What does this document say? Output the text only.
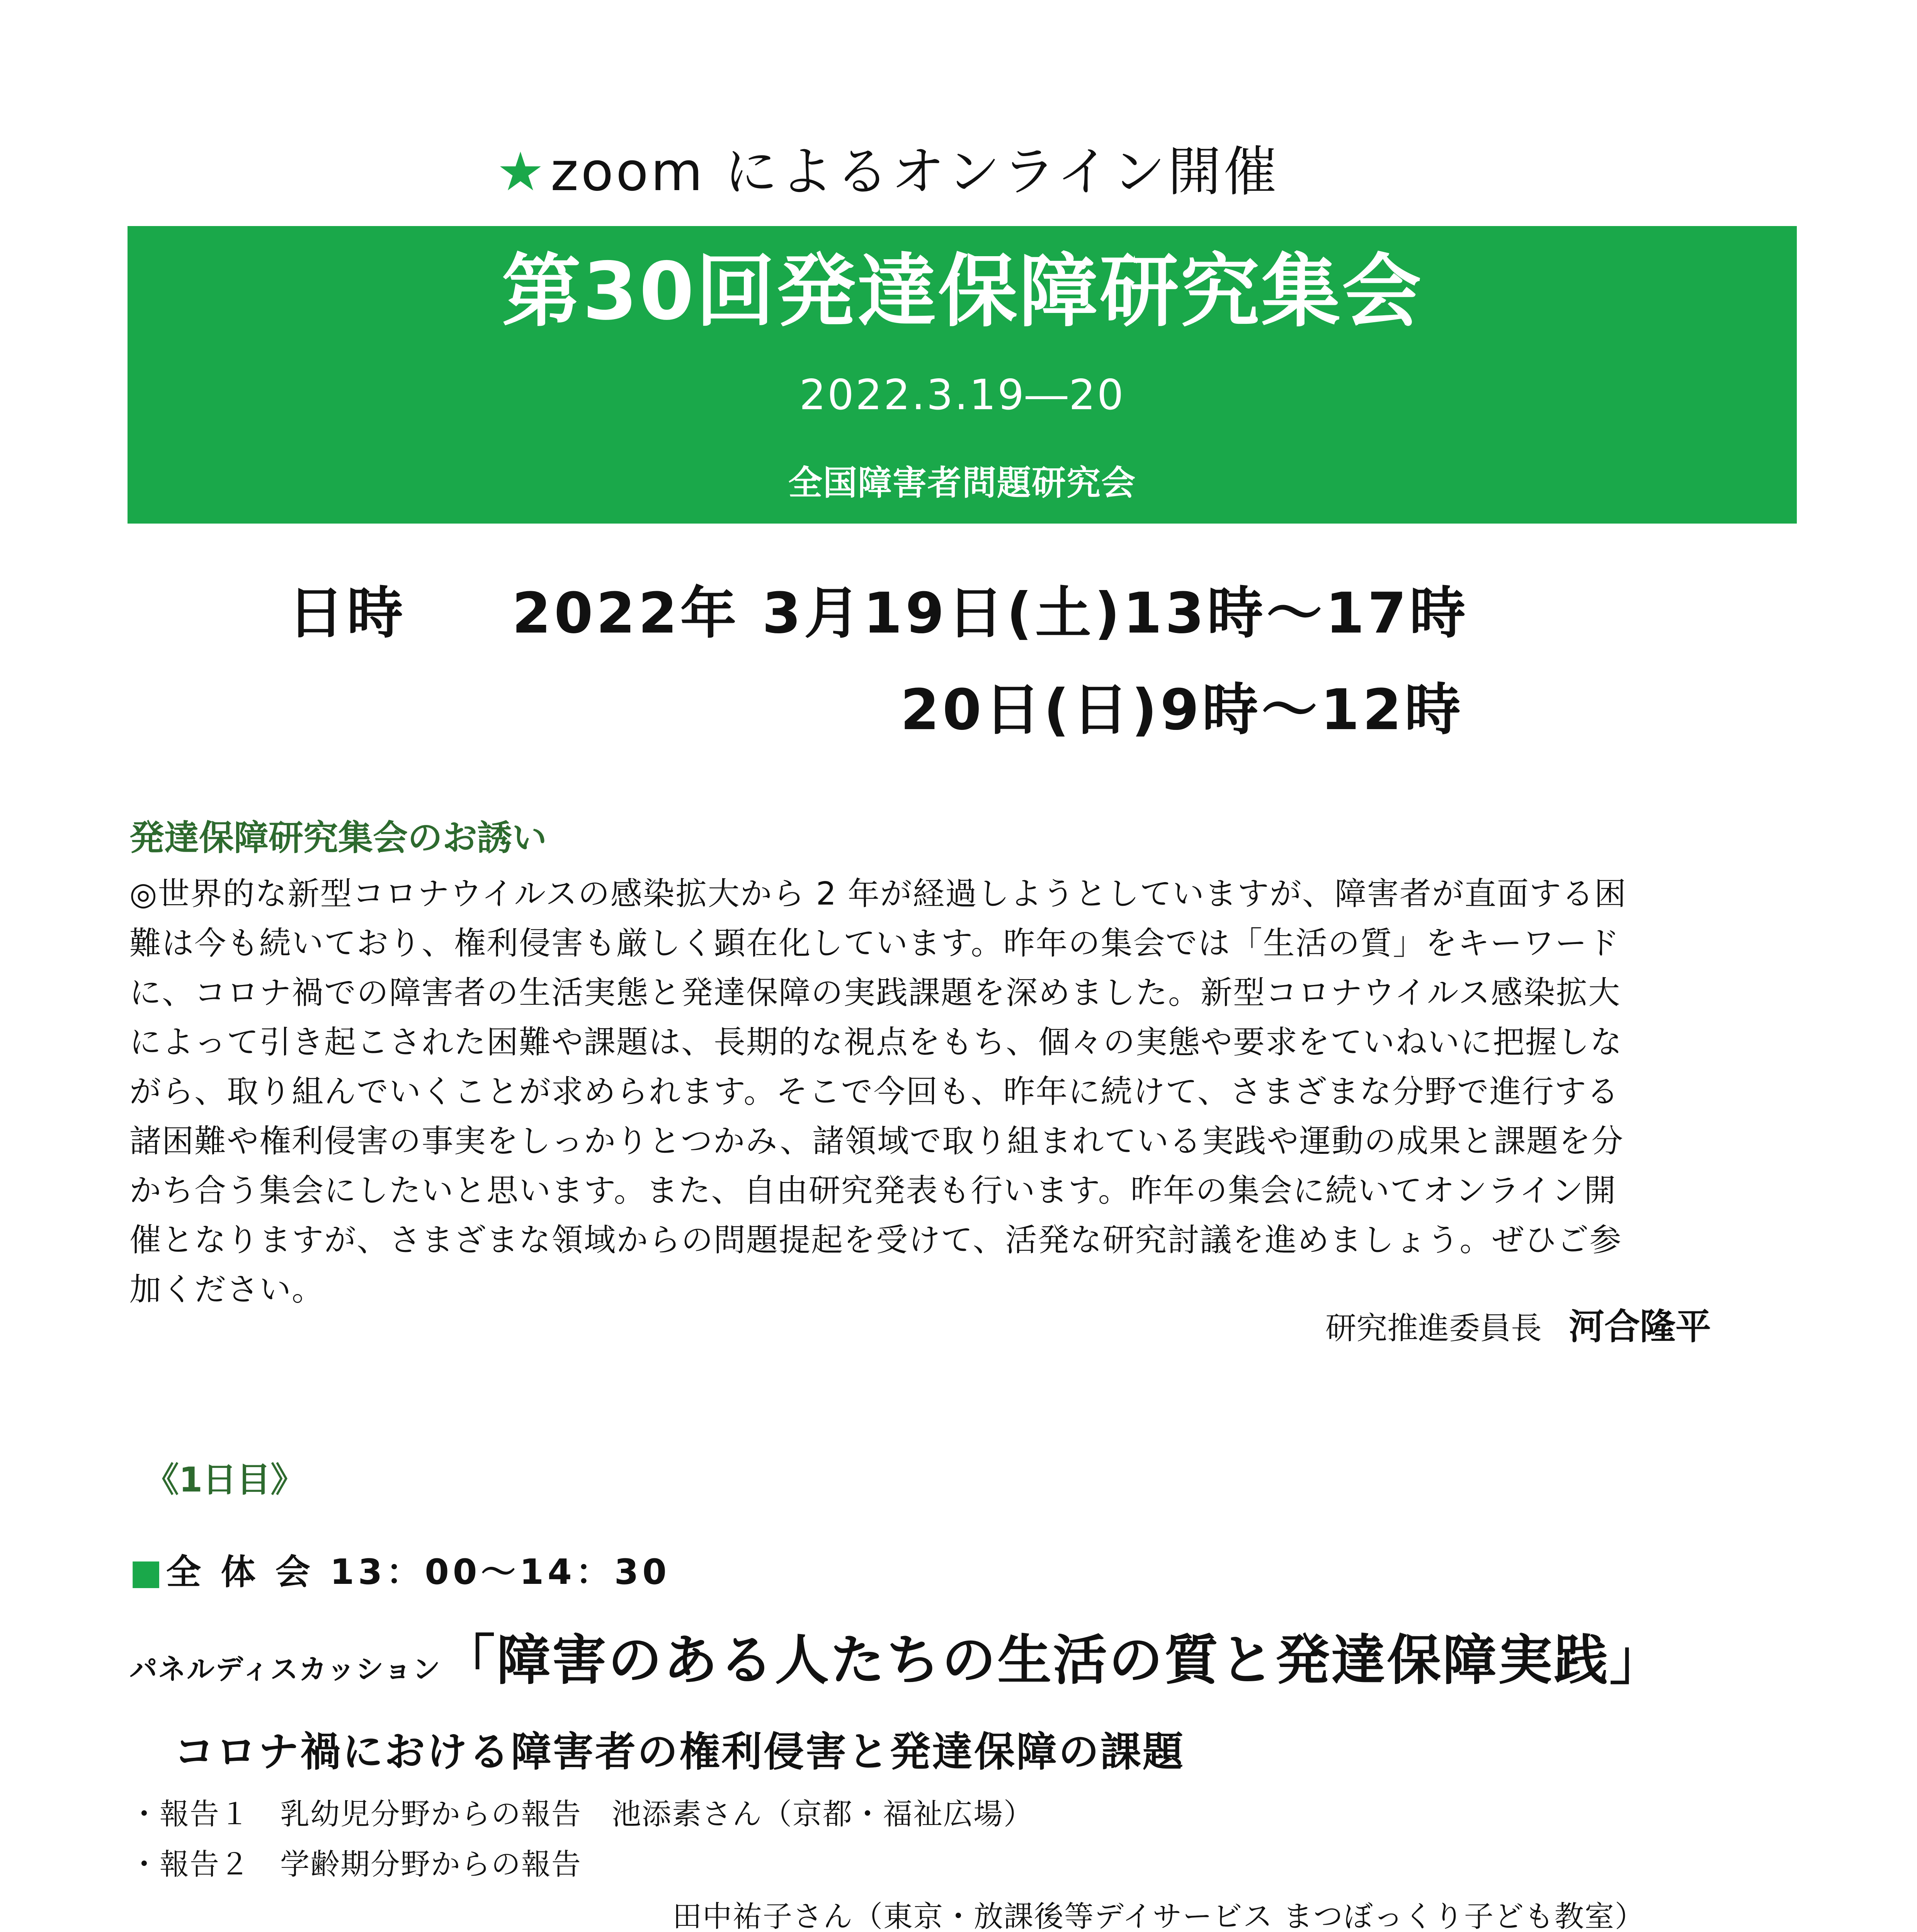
★zoom によるオンライン開催
第30回発達保障研究集会
2022.3.19―20
全国障害者問題研究会
日時 2022年 3月19日(土)13時～17時
20日(日)9時～12時
発達保障研究集会のお誘い
◎世界的な新型コロナウイルスの感染拡大から 2 年が経過しようとしていますが、障害者が直面する困
難は今も続いており、権利侵害も厳しく顕在化しています。昨年の集会では「生活の質」をキーワード
に、コロナ禍での障害者の生活実態と発達保障の実践課題を深めました。新型コロナウイルス感染拡大
によって引き起こされた困難や課題は、長期的な視点をもち、個々の実態や要求をていねいに把握しな
がら、取り組んでいくことが求められます。そこで今回も、昨年に続けて、さまざまな分野で進行する
諸困難や権利侵害の事実をしっかりとつかみ、諸領域で取り組まれている実践や運動の成果と課題を分
かち合う集会にしたいと思います。また、自由研究発表も行います。昨年の集会に続いてオンライン開
催となりますが、さまざまな領域からの問題提起を受けて、活発な研究討議を進めましょう。ぜひご参
加ください。
研究推進委員長 河合隆平
《1日目》
■全 体 会 13：00～14：30
パネルディスカッション「障害のある人たちの生活の質と発達保障実践」
コロナ禍における障害者の権利侵害と発達保障の課題
・報告１　乳幼児分野からの報告　池添素さん（京都・福祉広場）
・報告２　学齢期分野からの報告
田中祐子さん（東京・放課後等デイサービス まつぼっくり子ども教室）
